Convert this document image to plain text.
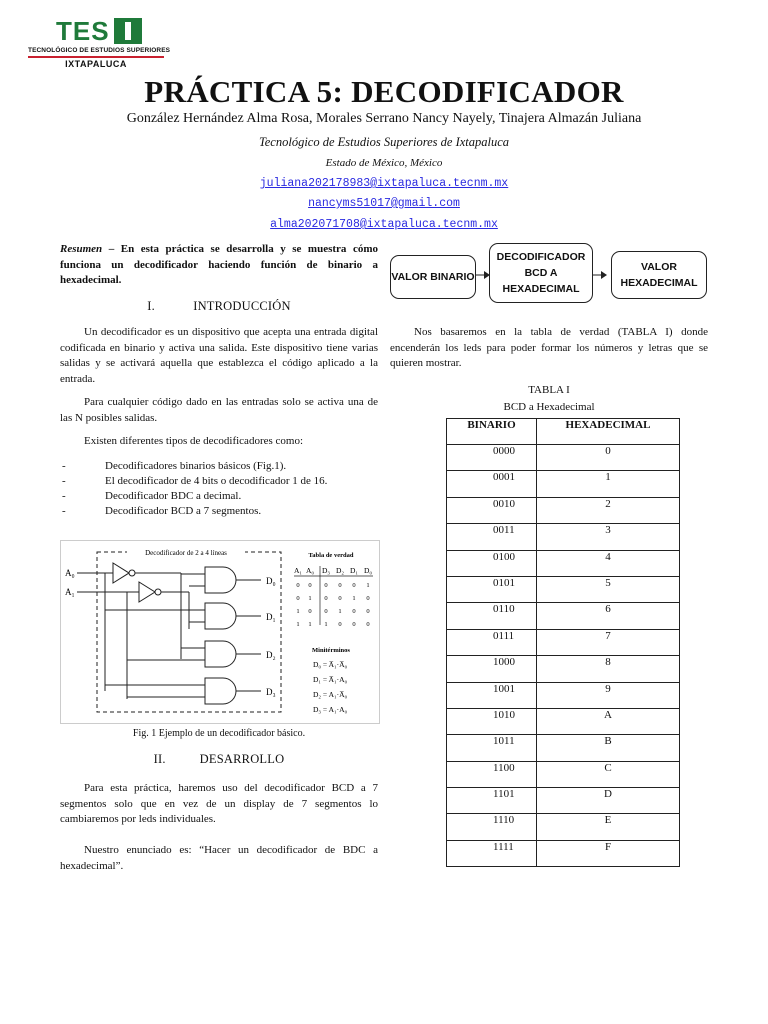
TES
TECNOLÓGICO DE ESTUDIOS SUPERIORES
IXTAPALUCA
PRÁCTICA 5: DECODIFICADOR
González Hernández Alma Rosa, Morales Serrano Nancy Nayely, Tinajera Almazán Juliana
Tecnológico de Estudios Superiores de Ixtapaluca
Estado de México, México
juliana202178983@ixtapaluca.tecnm.mx
nancyms51017@gmail.com
alma202071708@ixtapaluca.tecnm.mx
Resumen – En esta práctica se desarrolla y se muestra cómo funciona un decodificador haciendo función de binario a hexadecimal.
I.	INTRODUCCIÓN
Un decodificador es un dispositivo que acepta una entrada digital codificada en binario y activa una salida. Este dispositivo tiene varias salidas y se activará aquella que establezca el código aplicado a la entrada.
Para cualquier código dado en las entradas solo se activa una de las N posibles salidas.
Existen diferentes tipos de decodificadores como:
- Decodificadores binarios básicos (Fig.1).
- El decodificador de 4 bits o decodificador 1 de 16.
- Decodificador BDC a decimal.
- Decodificador BCD a 7 segmentos.
Decodificador de 2 a 4 líneas
A₀
A₁
D₀
D₁
D₂
D₃
Tabla de verdad
A₁ A₀ D₃ D₂ D₁ D₀
0 0 0 0 0 1
0 1 0 0 1 0
1 0 0 1 0 0
1 1 1 0 0 0
Minitérminos
D₀ = A̅₁·A̅₀
D₁ = A̅₁·A₀
D₂ = A₁·A̅₀
D₃ = A₁·A₀
Fig. 1 Ejemplo de un decodificador básico.
II.	DESARROLLO
Para esta práctica, haremos uso del decodificador BCD a 7 segmentos solo que en vez de un display de 7 segmentos lo cambiaremos por leds individuales.
Nuestro enunciado es: “Hacer un decodificador de BDC a hexadecimal”.
VALOR BINARIO
DECODIFICADOR BCD A HEXADECIMAL
VALOR HEXADECIMAL
Nos basaremos en la tabla de verdad (TABLA I) donde encenderán los leds para poder formar los números y letras que se quieren mostrar.
TABLA I
BCD a Hexadecimal
BINARIO	HEXADECIMAL
0000	0
0001	1
0010	2
0011	3
0100	4
0101	5
0110	6
0111	7
1000	8
1001	9
1010	A
1011	B
1100	C
1101	D
1110	E
1111	F
